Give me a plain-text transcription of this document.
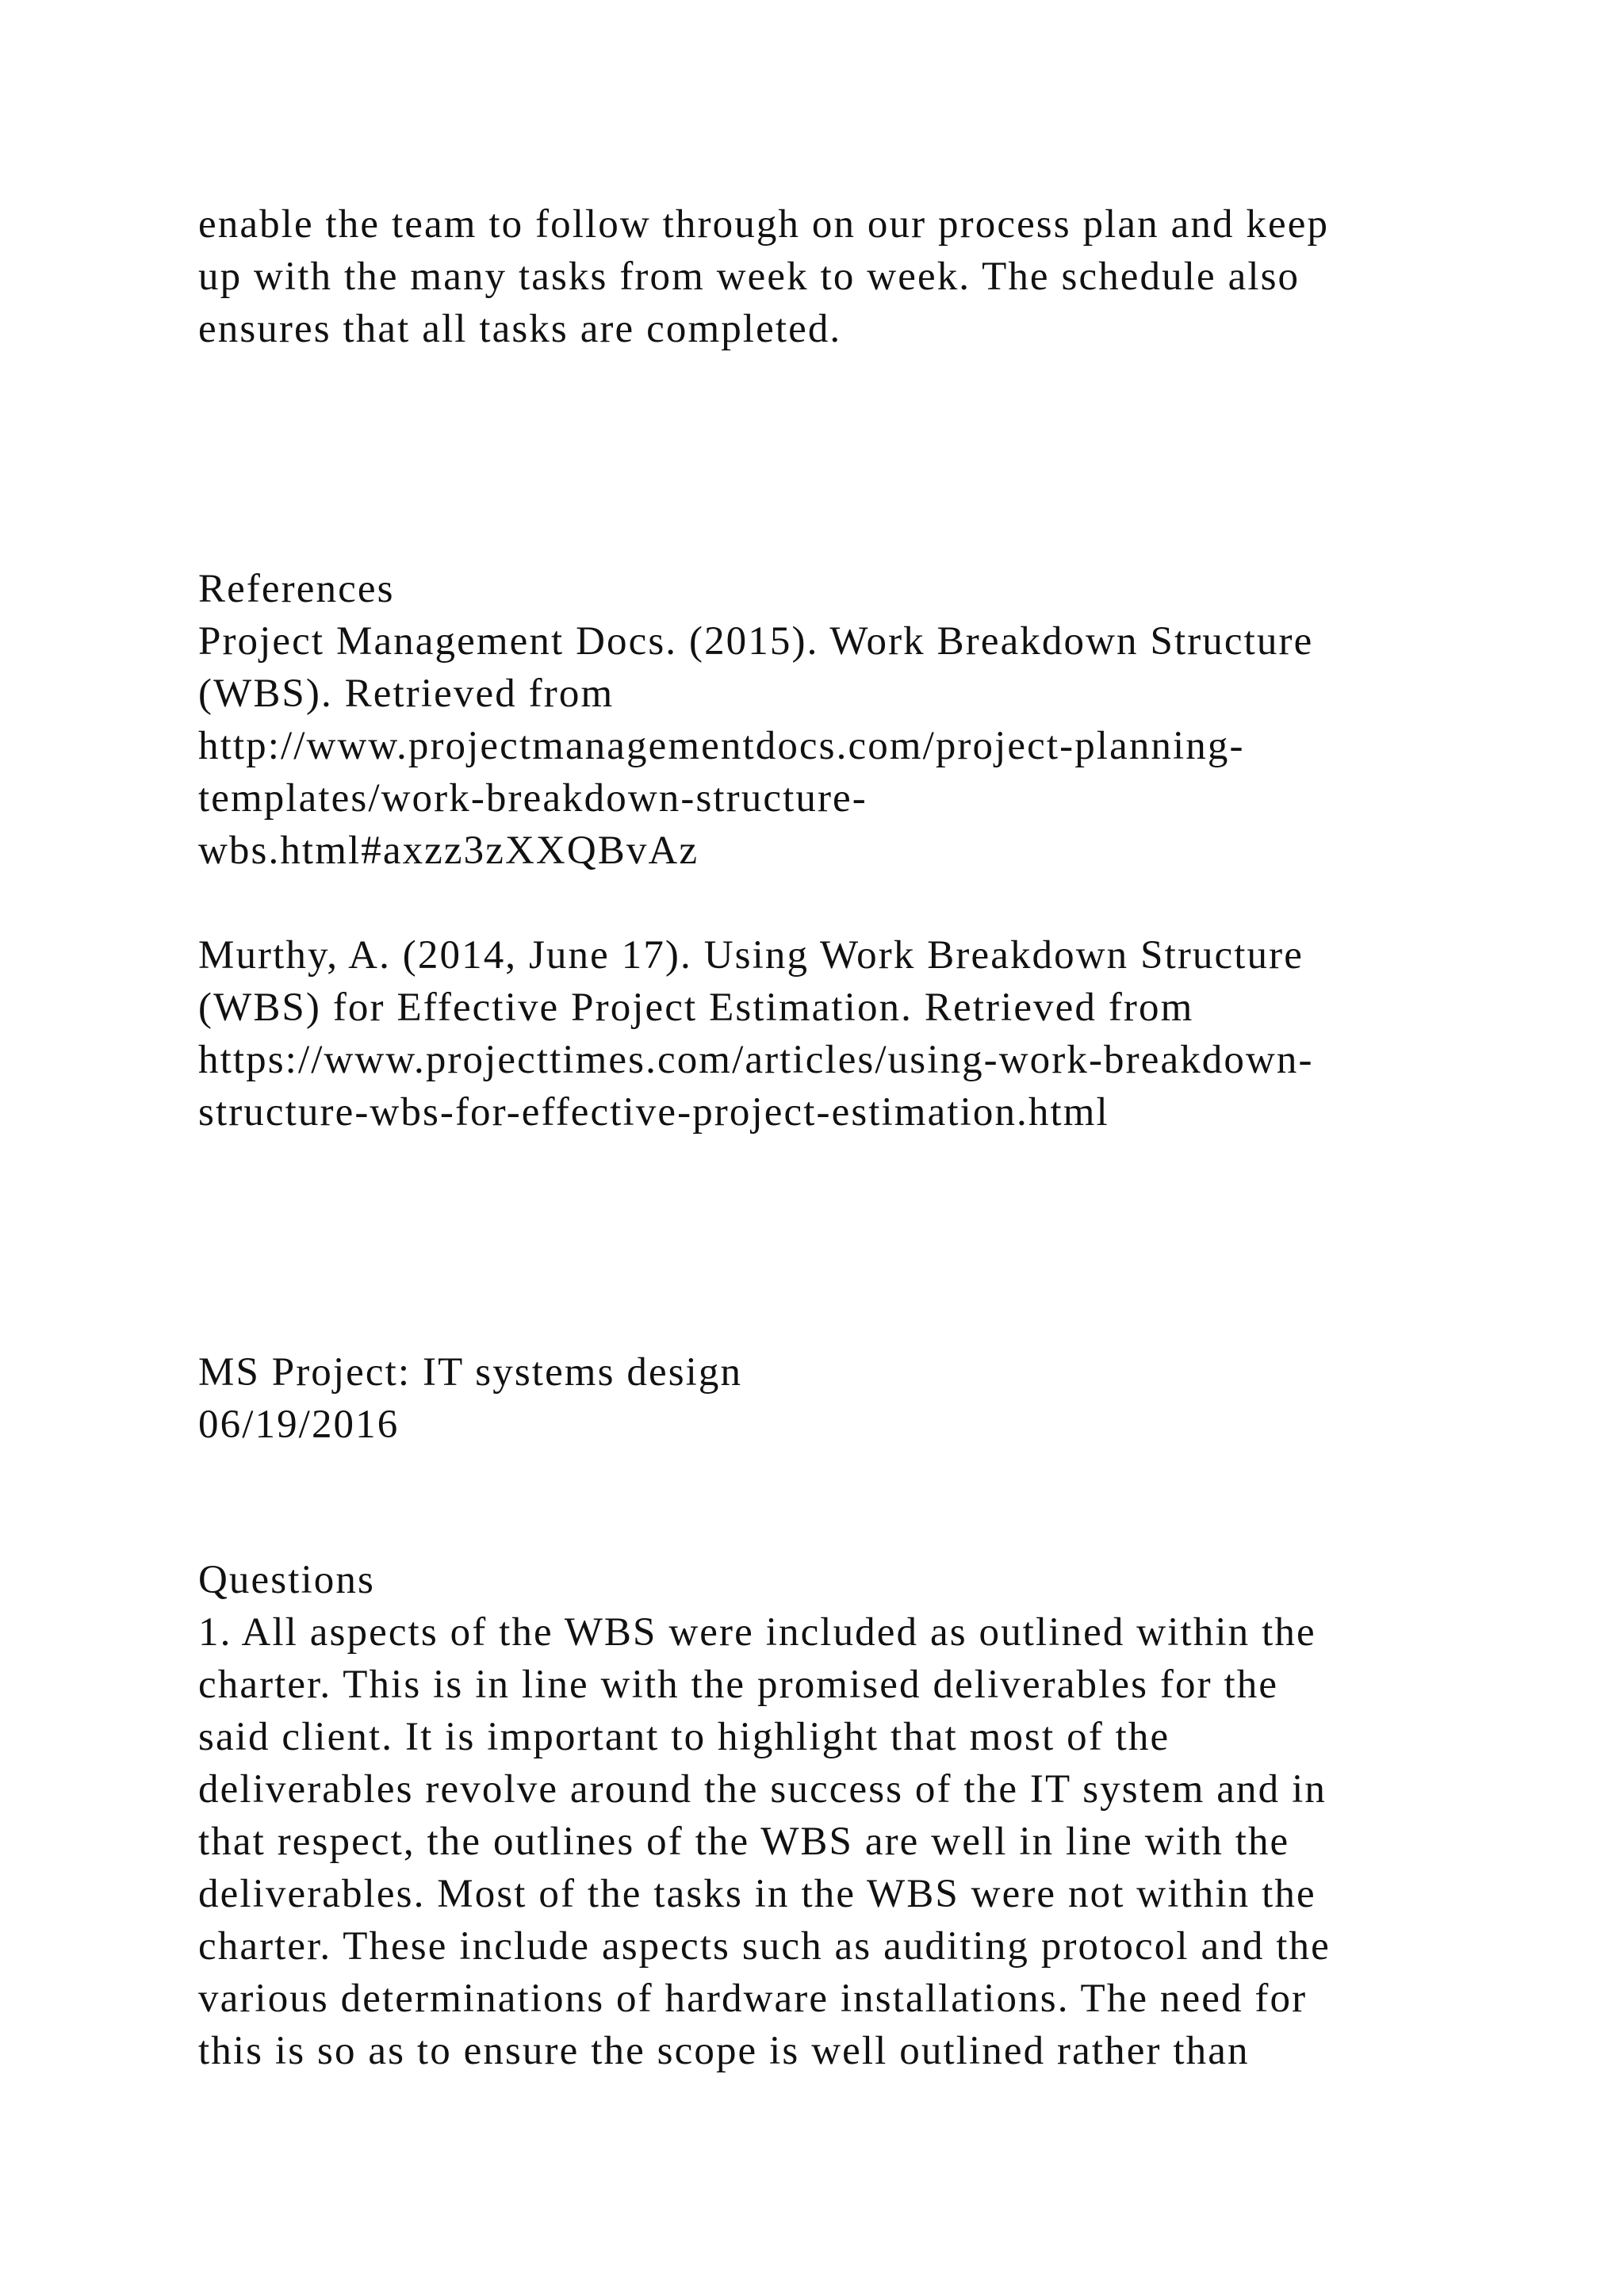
enable the team to follow through on our process plan and keep

up with the many tasks from week to week. The schedule also

ensures that all tasks are completed.

References

Project Management Docs. (2015). Work Breakdown Structure

(WBS). Retrieved from

http://www.projectmanagementdocs.com/project-planning-

templates/work-breakdown-structure-

wbs.html#axzz3zXXQBvAz

Murthy, A. (2014, June 17). Using Work Breakdown Structure

(WBS) for Effective Project Estimation. Retrieved from

https://www.projecttimes.com/articles/using-work-breakdown-

structure-wbs-for-effective-project-estimation.html

MS Project: IT systems design

06/19/2016

Questions

1. All aspects of the WBS were included as outlined within the

charter. This is in line with the promised deliverables for the

said client. It is important to highlight that most of the

deliverables revolve around the success of the IT system and in

that respect, the outlines of the WBS are well in line with the

deliverables. Most of the tasks in the WBS were not within the

charter. These include aspects such as auditing protocol and the

various determinations of hardware installations. The need for

this is so as to ensure the scope is well outlined rather than
